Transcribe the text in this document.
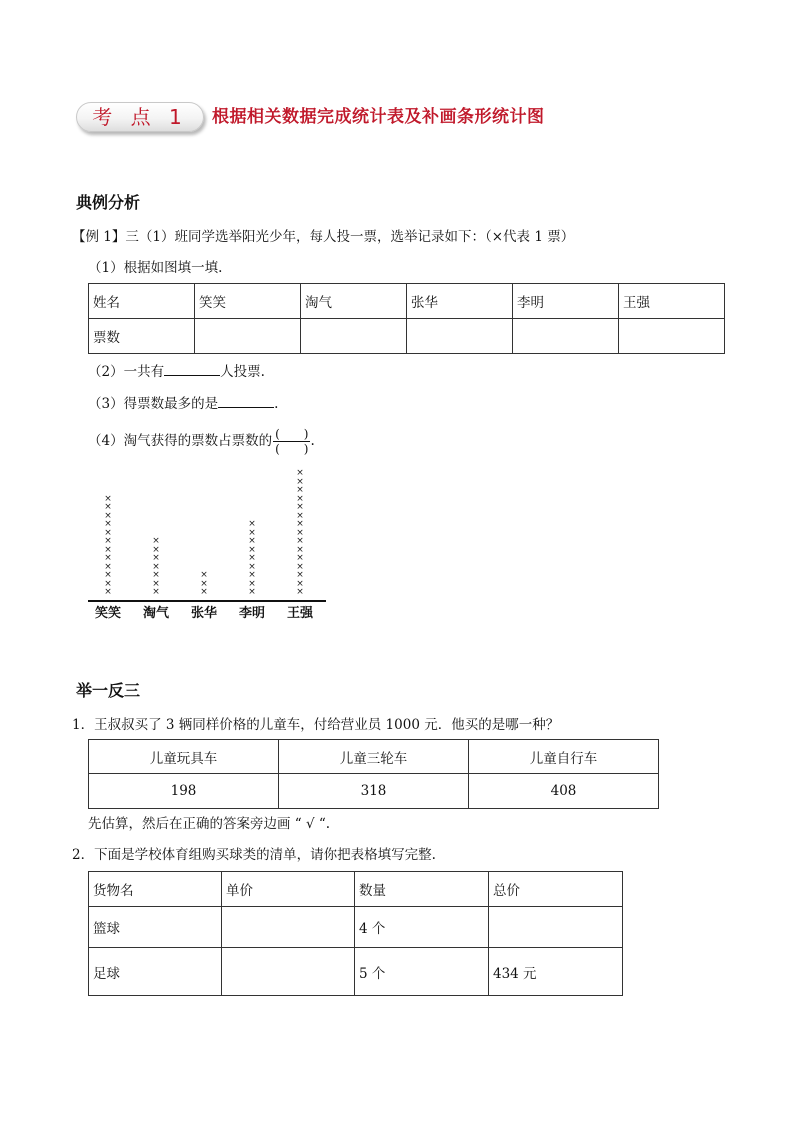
考 点 1	根据相关数据完成统计表及补画条形统计图
典例分析
【例 1】三（1）班同学选举阳光少年，每人投一票，选举记录如下：（×代表 1 票）
（1）根据如图填一填.
姓名	笑笑	淘气	张华	李明	王强
票数					
（2）一共有	人投票.
（3）得票数最多的是	.
（4）淘气获得的票数占票数的 $\frac{( )}{( )}$ .
×
×
×
×
×
×
×
×
×
×
×
×
笑笑
×
×
×
×
×
×
×
淘气
×
×
×
张华
×
×
×
×
×
×
×
×
×
李明
×
×
×
×
×
×
×
×
×
×
×
×
×
×
×
王强
举一反三
1．王叔叔买了 3 辆同样价格的儿童车，付给营业员 1000 元．他买的是哪一种？
儿童玩具车	儿童三轮车	儿童自行车
198	318	408
先估算，然后在正确的答案旁边画 “ √ “.
2．下面是学校体育组购买球类的清单，请你把表格填写完整.
货物名	单价	数量	总价
篮球		4 个	
足球		5 个	434 元
